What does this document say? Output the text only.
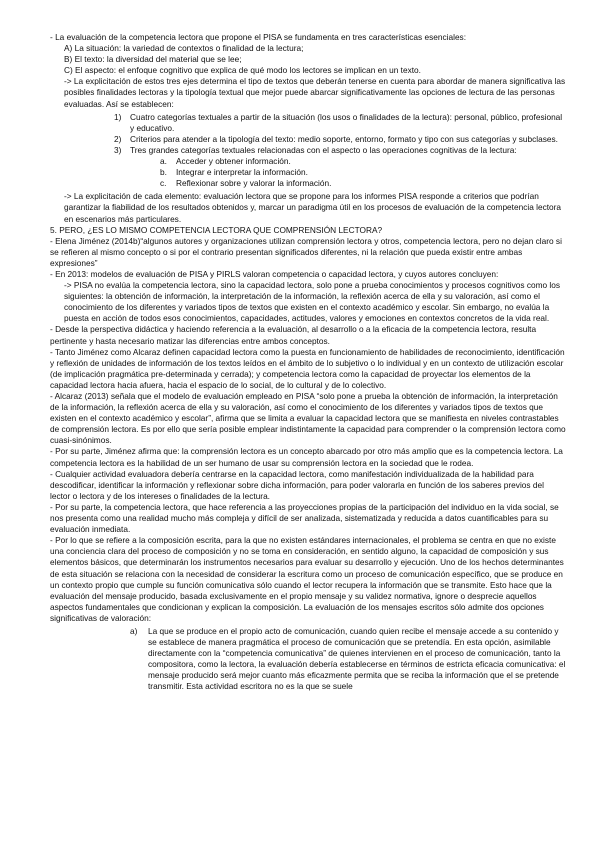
- La evaluación de la competencia lectora que propone el PISA se fundamenta en tres características esenciales:

A) La situación: la variedad de contextos o finalidad de la lectura;

B) El texto: la diversidad del material que se lee;

C) El aspecto: el enfoque cognitivo que explica de qué modo los lectores se implican en un texto.

-> La explicitación de estos tres ejes determina el tipo de textos que deberán tenerse en cuenta para abordar de manera significativa las posibles finalidades lectoras y la tipología textual que mejor puede abarcar significativamente las opciones de lectura de las personas evaluadas. Así se establecen:

1) Cuatro categorías textuales a partir de la situación (los usos o finalidades de la lectura): personal, público, profesional y educativo.
2) Criterios para atender a la tipología del texto: medio soporte, entorno, formato y tipo con sus categorías y subclases.
3) Tres grandes categorías textuales relacionadas con el aspecto o las operaciones cognitivas de la lectura:
a. Acceder y obtener información.
b. Integrar e interpretar la información.
c. Reflexionar sobre y valorar la información.

-> La explicitación de cada elemento: evaluación lectora que se propone para los informes PISA responde a criterios que podrían garantizar la fiabilidad de los resultados obtenidos y, marcar un paradigma útil en los procesos de evaluación de la competencia lectora en escenarios más particulares.

5. PERO, ¿ES LO MISMO COMPETENCIA LECTORA QUE COMPRENSIÓN LECTORA?

- Elena Jiménez (2014b)“algunos autores y organizaciones utilizan comprensión lectora y otros, competencia lectora, pero no dejan claro si se refieren al mismo concepto o si por el contrario presentan significados diferentes, ni la relación que pueda existir entre ambas expresiones”

- En 2013: modelos de evaluación de PISA y PIRLS valoran competencia o capacidad lectora, y cuyos autores concluyen:

-> PISA no evalúa la competencia lectora, sino la capacidad lectora, solo pone a prueba conocimientos y procesos cognitivos como los siguientes: la obtención de información, la interpretación de la información, la reflexión acerca de ella y su valoración, así como el conocimiento de los diferentes y variados tipos de textos que existen en el contexto académico y escolar. Sin embargo, no evalúa la puesta en acción de todos esos conocimientos, capacidades, actitudes, valores y emociones en contextos concretos de la vida real.

- Desde la perspectiva didáctica y haciendo referencia a la evaluación, al desarrollo o a la eficacia de la competencia lectora, resulta pertinente y hasta necesario matizar las diferencias entre ambos conceptos.

- Tanto Jiménez como Alcaraz definen capacidad lectora como la puesta en funcionamiento de habilidades de reconocimiento, identificación y reflexión de unidades de información de los textos leídos en el ámbito de lo subjetivo o lo individual y en un contexto de utilización escolar (de implicación pragmática pre-determinada y cerrada); y competencia lectora como la capacidad de proyectar los elementos de la capacidad lectora hacia afuera, hacia el espacio de lo social, de lo cultural y de lo colectivo.

- Alcaraz (2013) señala que el modelo de evaluación empleado en PISA “solo pone a prueba la obtención de información, la interpretación de la información, la reflexión acerca de ella y su valoración, así como el conocimiento de los diferentes y variados tipos de textos que existen en el contexto académico y escolar”, afirma que se limita a evaluar la capacidad lectora que se manifiesta en niveles contrastables de comprensión lectora. Es por ello que sería posible emplear indistintamente la capacidad para comprender o la comprensión lectora como cuasi-sinónimos.

- Por su parte, Jiménez afirma que: la comprensión lectora es un concepto abarcado por otro más amplio que es la competencia lectora. La competencia lectora es la habilidad de un ser humano de usar su comprensión lectora en la sociedad que le rodea.

- Cualquier actividad evaluadora debería centrarse en la capacidad lectora, como manifestación individualizada de la habilidad para descodificar, identificar la información y reflexionar sobre dicha información, para poder valorarla en función de los saberes previos del lector o lectora y de los intereses o finalidades de la lectura.

- Por su parte, la competencia lectora, que hace referencia a las proyecciones propias de la participación del individuo en la vida social, se nos presenta como una realidad mucho más compleja y difícil de ser analizada, sistematizada y reducida a datos cuantificables para su evaluación inmediata.

- Por lo que se refiere a la composición escrita, para la que no existen estándares internacionales, el problema se centra en que no existe una conciencia clara del proceso de composición y no se toma en consideración, en sentido alguno, la capacidad de composición y sus elementos básicos, que determinarán los instrumentos necesarios para evaluar su desarrollo y ejecución. Uno de los hechos determinantes de esta situación se relaciona con la necesidad de considerar la escritura como un proceso de comunicación específico, que se produce en un contexto propio que cumple su función comunicativa sólo cuando el lector recupera la información que se transmite. Esto hace que la evaluación del mensaje producido, basada exclusivamente en el propio mensaje y su validez normativa, ignore o desprecie aquellos aspectos fundamentales que condicionan y explican la composición. La evaluación de los mensajes escritos sólo admite dos opciones significativas de valoración:

a) La que se produce en el propio acto de comunicación, cuando quien recibe el mensaje accede a su contenido y se establece de manera pragmática el proceso de comunicación que se pretendía. En esta opción, asimilable directamente con la “competencia comunicativa” de quienes intervienen en el proceso de comunicación, tanto la compositora, como la lectora, la evaluación debería establecerse en términos de estricta eficacia comunicativa: el mensaje producido será mejor cuanto más eficazmente permita que se reciba la información que el se pretende transmitir. Esta actividad escritora no es la que se suele
